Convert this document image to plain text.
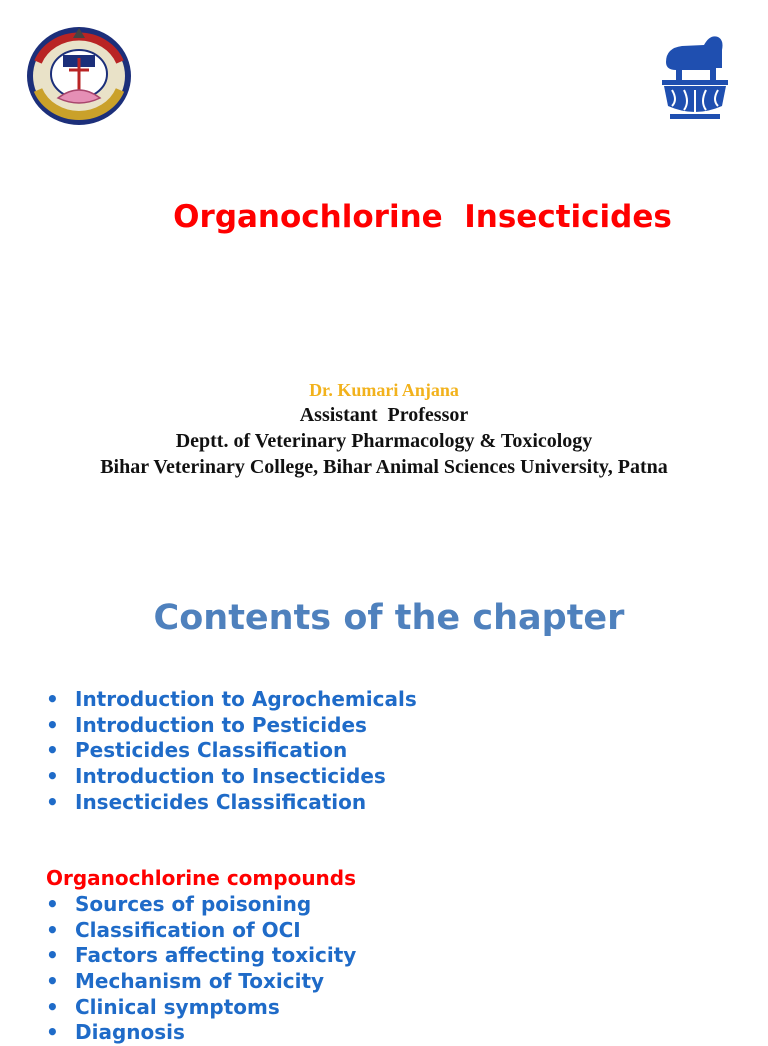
Organochlorine  Insecticides
Dr. Kumari Anjana
Assistant  Professor
Deptt. of Veterinary Pharmacology & Toxicology
Bihar Veterinary College, Bihar Animal Sciences University, Patna
Contents of the chapter
• Introduction to Agrochemicals
• Introduction to Pesticides
• Pesticides Classification
• Introduction to Insecticides
• Insecticides Classification
Organochlorine compounds
• Sources of poisoning
• Classification of OCI
• Factors affecting toxicity
• Mechanism of Toxicity
• Clinical symptoms
• Diagnosis
